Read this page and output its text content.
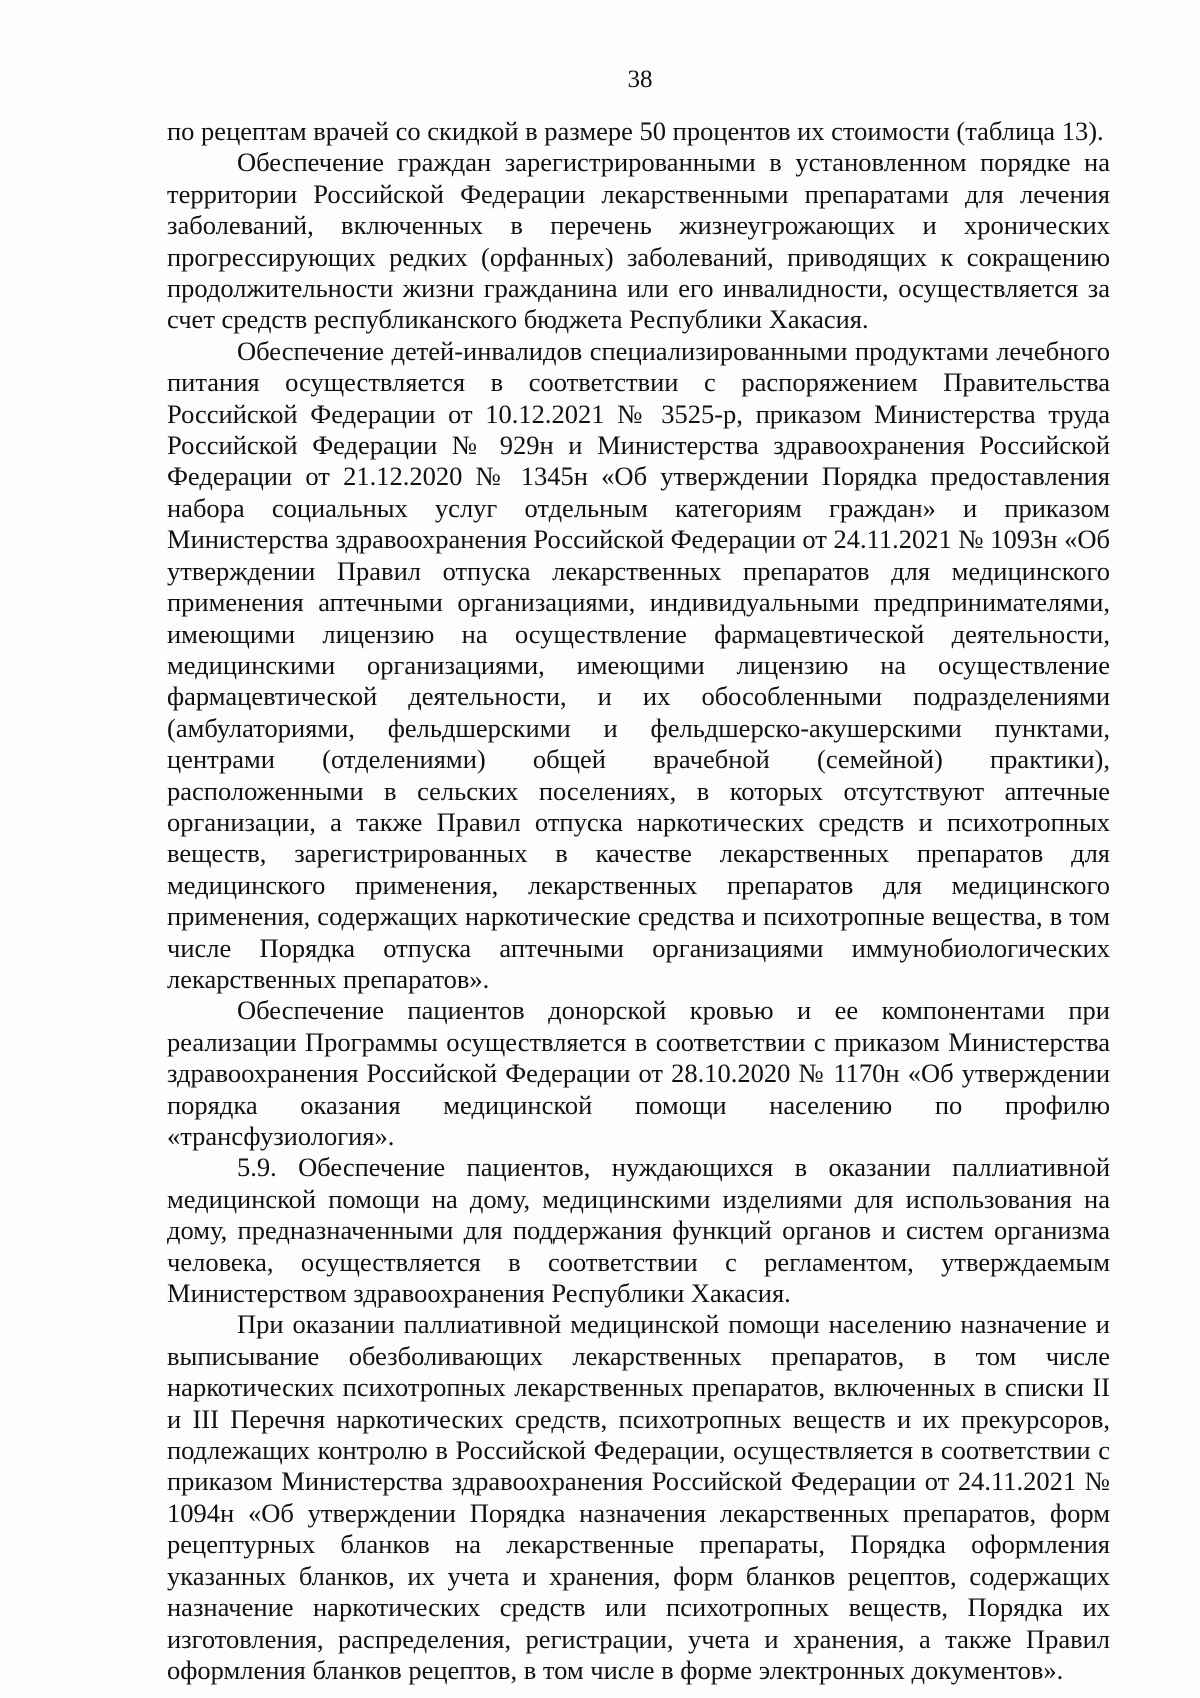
38

по рецептам врачей со скидкой в размере 50 процентов их стоимости (таблица 13).

Обеспечение граждан зарегистрированными в установленном порядке на территории Российской Федерации лекарственными препаратами для лечения заболеваний, включенных в перечень жизнеугрожающих и хронических прогрессирующих редких (орфанных) заболеваний, приводящих к сокращению продолжительности жизни гражданина или его инвалидности, осуществляется за счет средств республиканского бюджета Республики Хакасия.

Обеспечение детей-инвалидов специализированными продуктами лечебного питания осуществляется в соответствии с распоряжением Правительства Российской Федерации от 10.12.2021 № 3525-р, приказом Министерства труда Российской Федерации № 929н и Министерства здравоохранения Российской Федерации от 21.12.2020 № 1345н «Об утверждении Порядка предоставления набора социальных услуг отдельным категориям граждан» и приказом Министерства здравоохранения Российской Федерации от 24.11.2021 № 1093н «Об утверждении Правил отпуска лекарственных препаратов для медицинского применения аптечными организациями, индивидуальными предпринимателями, имеющими лицензию на осуществление фармацевтической деятельности, медицинскими организациями, имеющими лицензию на осуществление фармацевтической деятельности, и их обособленными подразделениями (амбулаториями, фельдшерскими и фельдшерско-акушерскими пунктами, центрами (отделениями) общей врачебной (семейной) практики), расположенными в сельских поселениях, в которых отсутствуют аптечные организации, а также Правил отпуска наркотических средств и психотропных веществ, зарегистрированных в качестве лекарственных препаратов для медицинского применения, лекарственных препаратов для медицинского применения, содержащих наркотические средства и психотропные вещества, в том числе Порядка отпуска аптечными организациями иммунобиологических лекарственных препаратов».

Обеспечение пациентов донорской кровью и ее компонентами при реализации Программы осуществляется в соответствии с приказом Министерства здравоохранения Российской Федерации от 28.10.2020 № 1170н «Об утверждении порядка оказания медицинской помощи населению по профилю «трансфузиология».

5.9. Обеспечение пациентов, нуждающихся в оказании паллиативной медицинской помощи на дому, медицинскими изделиями для использования на дому, предназначенными для поддержания функций органов и систем организма человека, осуществляется в соответствии с регламентом, утверждаемым Министерством здравоохранения Республики Хакасия.

При оказании паллиативной медицинской помощи населению назначение и выписывание обезболивающих лекарственных препаратов, в том числе наркотических психотропных лекарственных препаратов, включенных в списки II и III Перечня наркотических средств, психотропных веществ и их прекурсоров, подлежащих контролю в Российской Федерации, осуществляется в соответствии с приказом Министерства здравоохранения Российской Федерации от 24.11.2021 № 1094н «Об утверждении Порядка назначения лекарственных препаратов, форм рецептурных бланков на лекарственные препараты, Порядка оформления указанных бланков, их учета и хранения, форм бланков рецептов, содержащих назначение наркотических средств или психотропных веществ, Порядка их изготовления, распределения, регистрации, учета и хранения, а также Правил оформления бланков рецептов, в том числе в форме электронных документов».
